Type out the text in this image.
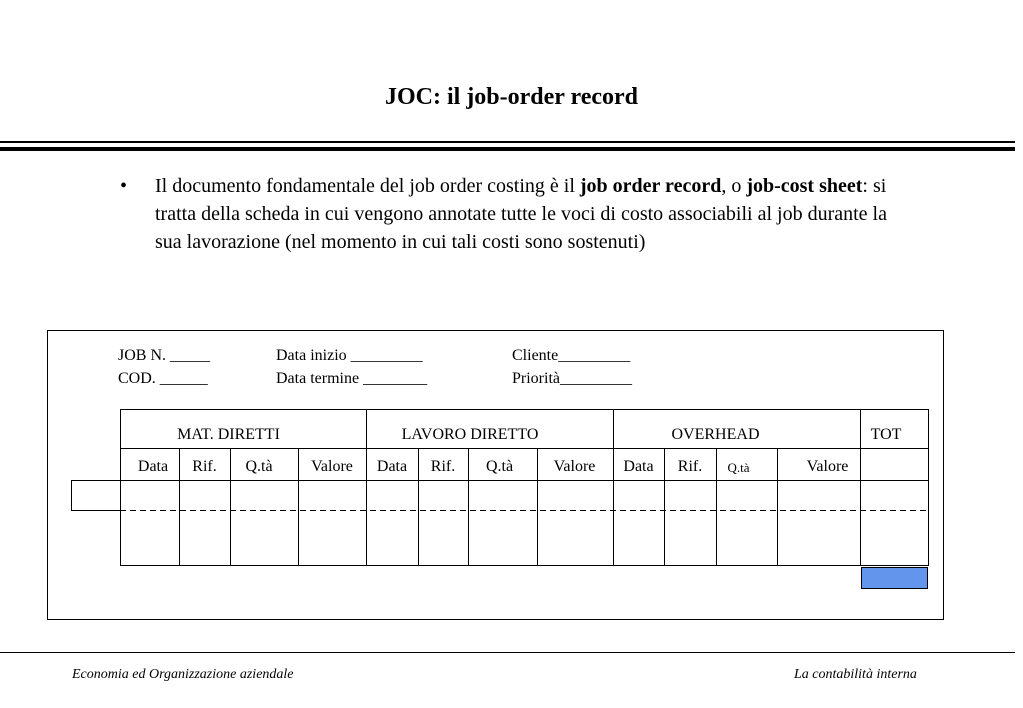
JOC: il job-order record
• Il documento fondamentale del job order costing è il job order record, o job-cost sheet: si tratta della scheda in cui vengono annotate tutte le voci di costo associabili al job durante la sua lavorazione (nel momento in cui tali costi sono sostenuti)
JOB N. _____
COD. ______
Data inizio _________
Data termine ________
Cliente_________
Priorità_________
MAT. DIRETTI	LAVORO DIRETTO	OVERHEAD	TOT
Data	Rif.	Q.tà	Valore	Data	Rif.	Q.tà	Valore	Data	Rif.	Q.tà	Valore
Economia ed Organizzazione aziendale	La contabilità interna
